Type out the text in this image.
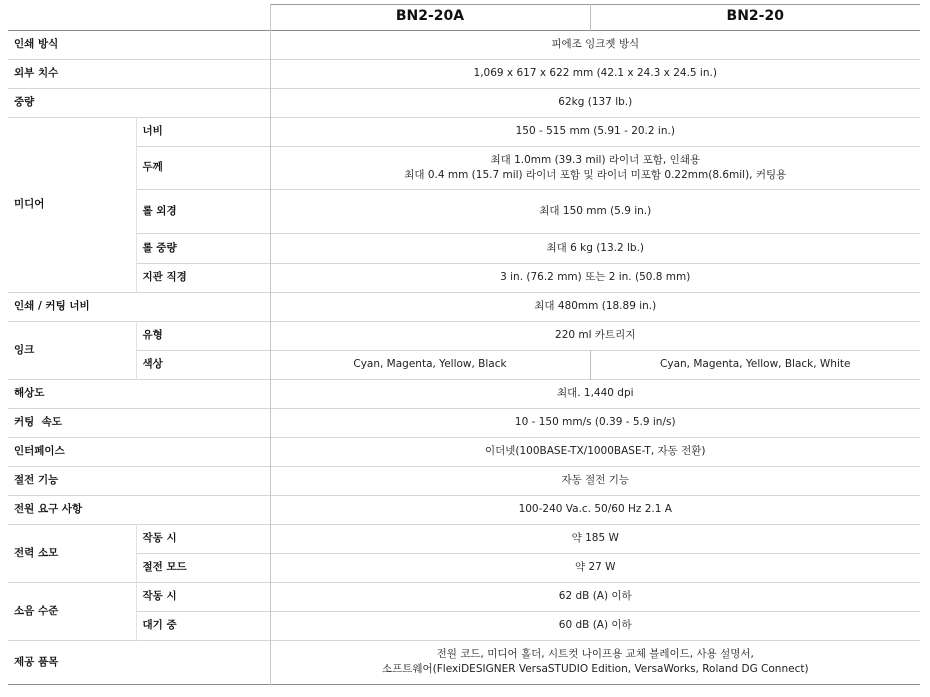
		BN2-20A	BN2-20
인쇄 방식		피에조 잉크젯 방식	
외부 치수		1,069 x 617 x 622 mm (42.1 x 24.3 x 24.5 in.)	
중량		62kg (137 lb.)	
미디어	너비	150 - 515 mm (5.91 - 20.2 in.)	
	두께	최대 1.0mm (39.3 mil) 라이너 포함, 인쇄용
최대 0.4 mm (15.7 mil) 라이너 포함 및 라이너 미포함 0.22mm(8.6mil), 커팅용	

	롤 외경	최대 150 mm (5.9 in.)	
	롤 중량	최대 6 kg (13.2 lb.)	
	지관 직경	3 in. (76.2 mm) 또는 2 in. (50.8 mm)	
인쇄 / 커팅 너비		최대 480mm (18.89 in.)	
잉크	유형	220 ml 카트리지	
	색상	Cyan, Magenta, Yellow, Black	Cyan, Magenta, Yellow, Black, White
해상도		최대. 1,440 dpi	
커팅  속도		10 - 150 mm/s (0.39 - 5.9 in/s)	
인터페이스		이더넷(100BASE-TX/1000BASE-T, 자동 전환)	
절전 기능		자동 절전 기능	
전원 요구 사항		100-240 Va.c. 50/60 Hz 2.1 A	
전력 소모	작동 시	약 185 W	
	절전 모드	약 27 W	
소음 수준	작동 시	62 dB (A) 이하	
	대기 중	60 dB (A) 이하	
제공 품목		전원 코드, 미디어 홀더, 시트컷 나이프용 교체 블레이드, 사용 설명서,
소프트웨어(FlexiDESIGNER VersaSTUDIO Edition, VersaWorks, Roland DG Connect)	
